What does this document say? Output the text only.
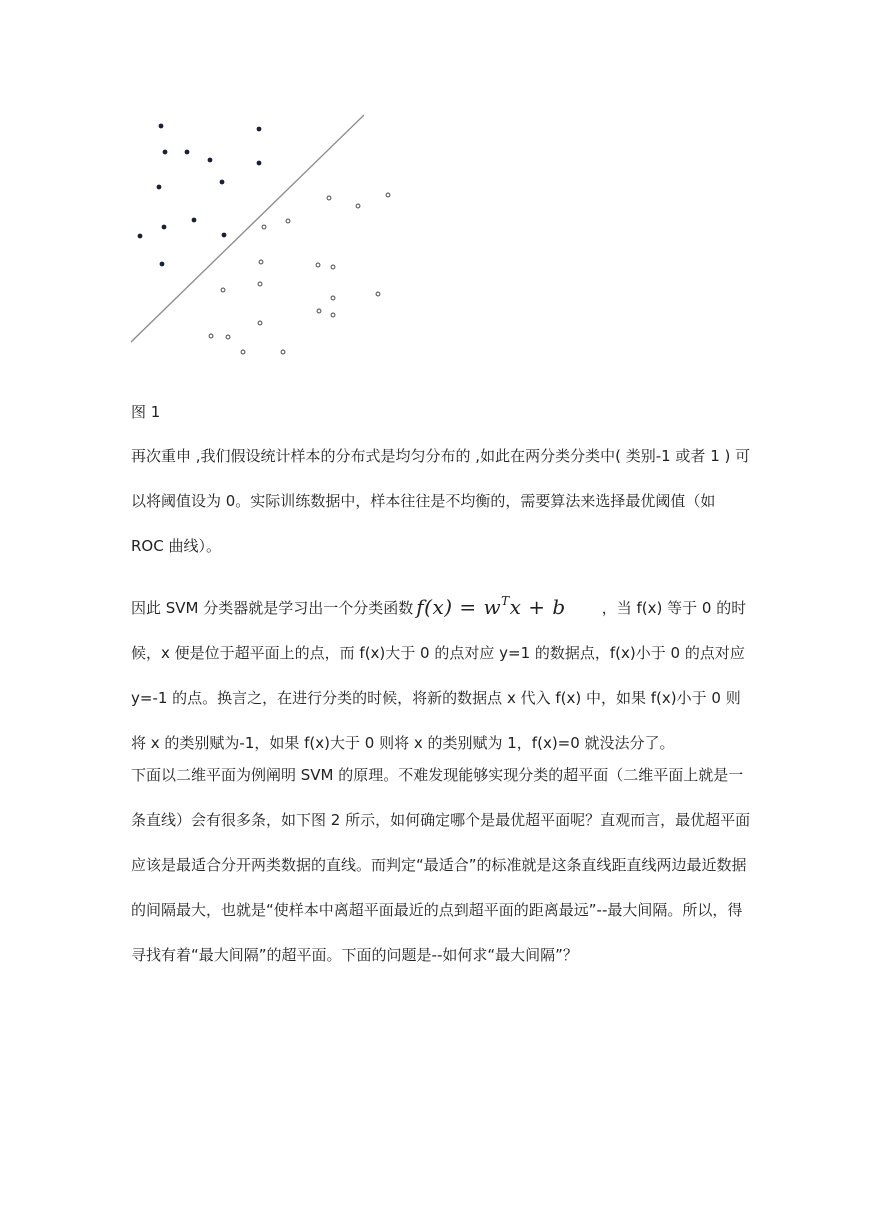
图 1

再次重申 ,我们假设统计样本的分布式是均匀分布的 ,如此在两分类分类中( 类别-1 或者 1 ) 可以将阈值设为 0。实际训练数据中，样本往往是不均衡的，需要算法来选择最优阈值（如 ROC 曲线）。

因此 SVM 分类器就是学习出一个分类函数 $f(x) = w^Tx + b$ ，当 f(x) 等于 0 的时候，x 便是位于超平面上的点，而 f(x)大于 0 的点对应 y=1 的数据点，f(x)小于 0 的点对应 y=-1 的点。换言之，在进行分类的时候，将新的数据点 x 代入 f(x) 中，如果 f(x)小于 0 则将 x 的类别赋为-1，如果 f(x)大于 0 则将 x 的类别赋为 1，f(x)=0 就没法分了。

下面以二维平面为例阐明 SVM 的原理。不难发现能够实现分类的超平面（二维平面上就是一条直线）会有很多条，如下图 2 所示，如何确定哪个是最优超平面呢？直观而言，最优超平面应该是最适合分开两类数据的直线。而判定“最适合”的标准就是这条直线距直线两边最近数据的间隔最大，也就是“使样本中离超平面最近的点到超平面的距离最远”--最大间隔。所以，得寻找有着“最大间隔”的超平面。下面的问题是--如何求“最大间隔”？
